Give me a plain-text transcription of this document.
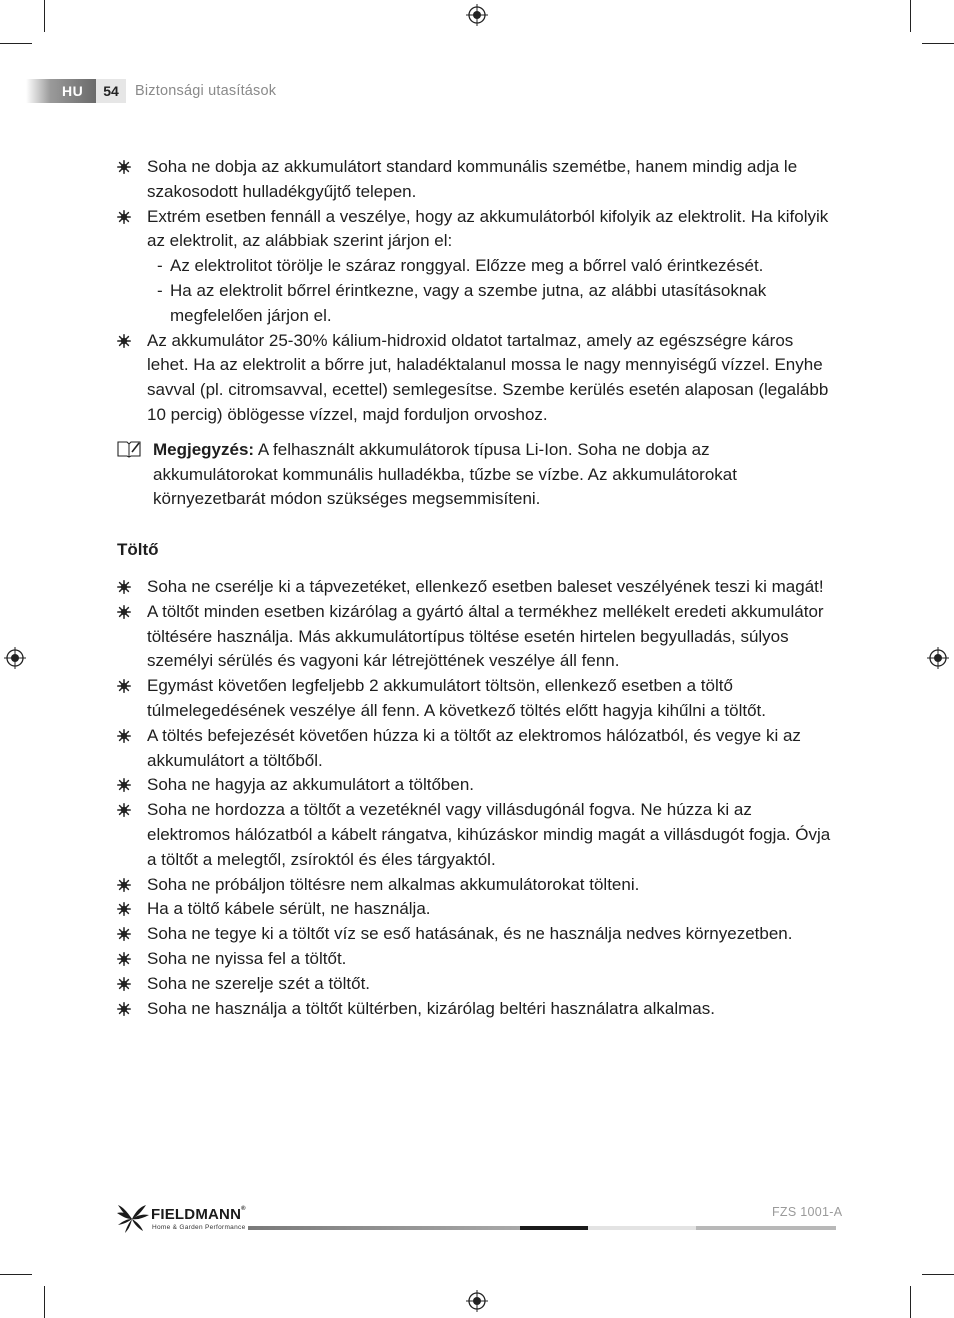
HU	54	Biztonsági utasítások
Soha ne dobja az akkumulátort standard kommunális szemétbe, hanem mindig adja le szakosodott hulladékgyűjtő telepen.
Extrém esetben fennáll a veszélye, hogy az akkumulátorból kifolyik az elektrolit. Ha kifolyik az elektrolit, az alábbiak szerint járjon el:
- Az elektrolitot törölje le száraz ronggyal. Előzze meg a bőrrel való érintkezését.
- Ha az elektrolit bőrrel érintkezne, vagy a szembe jutna, az alábbi utasításoknak megfelelően járjon el.
Az akkumulátor 25-30% kálium-hidroxid oldatot tartalmaz, amely az egészségre káros lehet. Ha az elektrolit a bőrre jut, haladéktalanul mossa le nagy mennyiségű vízzel. Enyhe savval (pl. citromsavval, ecettel) semlegesítse. Szembe kerülés esetén alaposan (legalább 10 percig) öblögesse vízzel, majd forduljon orvoshoz.
Megjegyzés: A felhasznált akkumulátorok típusa Li-Ion. Soha ne dobja az akkumulátorokat kommunális hulladékba, tűzbe se vízbe. Az akkumulátorokat környezetbarát módon szükséges megsemmisíteni.
Töltő
Soha ne cserélje ki a tápvezetéket, ellenkező esetben baleset veszélyének teszi ki magát!
A töltőt minden esetben kizárólag a gyártó által a termékhez mellékelt eredeti akkumulátor töltésére használja. Más akkumulátortípus töltése esetén hirtelen begyulladás, súlyos személyi sérülés és vagyoni kár létrejöttének veszélye áll fenn.
Egymást követően legfeljebb 2 akkumulátort töltsön, ellenkező esetben a töltő túlmelegedésének veszélye áll fenn. A következő töltés előtt hagyja kihűlni a töltőt.
A töltés befejezését követően húzza ki a töltőt az elektromos hálózatból, és vegye ki az akkumulátort a töltőből.
Soha ne hagyja az akkumulátort a töltőben.
Soha ne hordozza a töltőt a vezetéknél vagy villásdugónál fogva. Ne húzza ki az elektromos hálózatból a kábelt rángatva, kihúzáskor mindig magát a villásdugót fogja. Óvja a töltőt a melegtől, zsíroktól és éles tárgyaktól.
Soha ne próbáljon töltésre nem alkalmas akkumulátorokat tölteni.
Ha a töltő kábele sérült, ne használja.
Soha ne tegye ki a töltőt víz se eső hatásának, és ne használja nedves környezetben.
Soha ne nyissa fel a töltőt.
Soha ne szerelje szét a töltőt.
Soha ne használja a töltőt kültérben, kizárólag beltéri használatra alkalmas.
FIELDMANN®
Home & Garden Performance
FZS 1001-A
